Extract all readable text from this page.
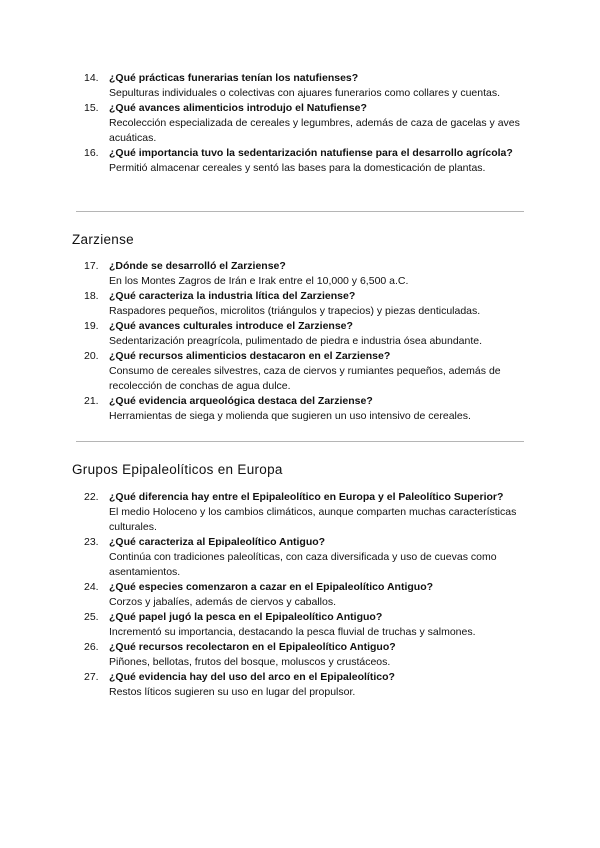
14. ¿Qué prácticas funerarias tenían los natufienses?
Sepulturas individuales o colectivas con ajuares funerarios como collares y cuentas.
15. ¿Qué avances alimenticios introdujo el Natufiense?
Recolección especializada de cereales y legumbres, además de caza de gacelas y aves acuáticas.
16. ¿Qué importancia tuvo la sedentarización natufiense para el desarrollo agrícola?
Permitió almacenar cereales y sentó las bases para la domesticación de plantas.
Zarziense
17. ¿Dónde se desarrolló el Zarziense?
En los Montes Zagros de Irán e Irak entre el 10,000 y 6,500 a.C.
18. ¿Qué caracteriza la industria lítica del Zarziense?
Raspadores pequeños, microlitos (triángulos y trapecios) y piezas denticuladas.
19. ¿Qué avances culturales introduce el Zarziense?
Sedentarización preagrícola, pulimentado de piedra e industria ósea abundante.
20. ¿Qué recursos alimenticios destacaron en el Zarziense?
Consumo de cereales silvestres, caza de ciervos y rumiantes pequeños, además de recolección de conchas de agua dulce.
21. ¿Qué evidencia arqueológica destaca del Zarziense?
Herramientas de siega y molienda que sugieren un uso intensivo de cereales.
Grupos Epipaleolíticos en Europa
22. ¿Qué diferencia hay entre el Epipaleolítico en Europa y el Paleolítico Superior?
El medio Holoceno y los cambios climáticos, aunque comparten muchas características culturales.
23. ¿Qué caracteriza al Epipaleolítico Antiguo?
Continúa con tradiciones paleolíticas, con caza diversificada y uso de cuevas como asentamientos.
24. ¿Qué especies comenzaron a cazar en el Epipaleolítico Antiguo?
Corzos y jabalíes, además de ciervos y caballos.
25. ¿Qué papel jugó la pesca en el Epipaleolítico Antiguo?
Incrementó su importancia, destacando la pesca fluvial de truchas y salmones.
26. ¿Qué recursos recolectaron en el Epipaleolítico Antiguo?
Piñones, bellotas, frutos del bosque, moluscos y crustáceos.
27. ¿Qué evidencia hay del uso del arco en el Epipaleolítico?
Restos líticos sugieren su uso en lugar del propulsor.
